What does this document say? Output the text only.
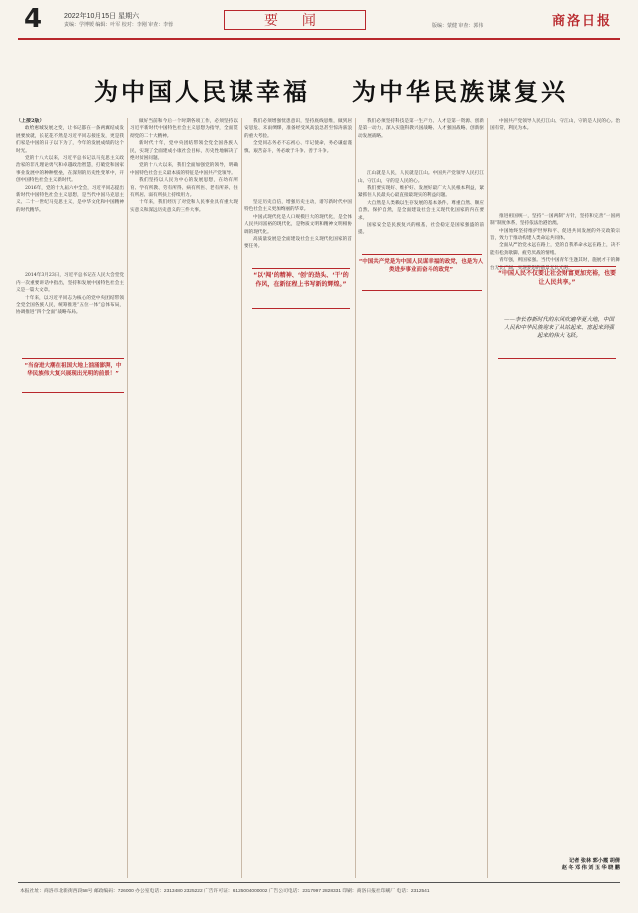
4	2022年10月15日 星期六
责编：学博媛 编辑：叶军 校对：李刚 审查：李蓉	要 闻	版编：蒙健 审查：郭伟	商洛日报
为中国人民谋幸福 为中华民族谋复兴

（上接2版）

敢给惠城发展之变，让书记都在一条两翼结成发展要放就，长花花不然是习近平同志接连发，更是我们家是中国的日子以下为了，今年的发展成绩的这个时光。

党的十八大以来，习近平总书记以马克思主义政治家的非凡理论勇气和卓越政治智慧，打破党和国家事业发展中的种种壁垒，在深刻的历史性变革中，开创中国特色社会主义新时代。

2016年，党的十九届六中全会，习近平同志提出新时代中国特色社会主义思想，是当代中国马克思主义、二十一世纪马克思主义，是中华文化和中国精神的时代精华。

2014年3月23日，习近平总书记在人民大会堂党内一次重要讲话中指出，坚持和发展中国特色社会主义是一篇大文章。

十年来，以习近平同志为核心的党中央团结带领全党全国各族人民，统筹推进“五位一体”总体布局，协调推进“四个全面”战略布局。

做好当前和今后一个时期各项工作，必须坚持以习近平新时代中国特色社会主义思想为指导，全面贯彻党的二十大精神。

新时代十年，党中央团结带领全党全国各族人民，实现了全面建成小康社会目标，历史性地解决了绝对贫困问题。

党的十八大以来，我们全面加强党的领导，明确中国特色社会主义最本质的特征是中国共产党领导。

我们坚持以人民为中心的发展思想，在幼有所育、学有所教、劳有所得、病有所医、老有所养、住有所居、弱有所扶上持续用力。

十年来，我们经历了对党和人民事业具有重大现实意义和深远历史意义的三件大事。

我们必须增强忧患意识，坚持底线思维，做到居安思危、未雨绸缪，准备经受风高浪急甚至惊涛骇浪的重大考验。

全党同志务必不忘初心、牢记使命，务必谦虚谨慎、艰苦奋斗，务必敢于斗争、善于斗争。

坚定历史自信，增强历史主动，谱写新时代中国特色社会主义更加绚丽的华章。

中国式现代化是人口规模巨大的现代化，是全体人民共同富裕的现代化，是物质文明和精神文明相协调的现代化。

高质量发展是全面建设社会主义现代化国家的首要任务。

我们必须坚持科技是第一生产力、人才是第一资源、创新是第一动力，深入实施科教兴国战略、人才强国战略、创新驱动发展战略。

江山就是人民，人民就是江山。中国共产党领导人民打江山、守江山，守的是人民的心。

我们要实现好、维护好、发展好最广大人民根本利益，紧紧抓住人民最关心最直接最现实的利益问题。

大自然是人类赖以生存发展的基本条件。尊重自然、顺应自然、保护自然，是全面建设社会主义现代化国家的内在要求。

国家安全是民族复兴的根基，社会稳定是国家强盛的前提。

中国共产党领导人民打江山、守江山，守的是人民的心。治国有常，利民为本。

推进祖国统一，坚持“一国两制”方针，坚持和完善“一国两制”制度体系，坚持依法治港治澳。

中国始终坚持维护世界和平、促进共同发展的外交政策宗旨，致力于推动构建人类命运共同体。

全面从严治党永远在路上，党的自我革命永远在路上，决不能有松劲歇脚、疲劳厌战的情绪。

青年强，则国家强。当代中国青年生逢其时，施展才干的舞台无比广阔，实现梦想的前景无比光明。

“当奋进大潮在祖国大地上汹涌澎湃，中华民族伟大复兴展现出光明的前景！”
“以‘闯’的精神、‘创’的劲头、‘干’的作风，在新征程上书写新的辉煌。”
“中国共产党是为中国人民谋幸福的政党，也是为人类进步事业而奋斗的政党”	“中国人民不仅要让社会财富更加充裕，也要让人民共享。”
——李长春新时代的东风吹遍华夏大地，中国人民和中华民族迎来了从站起来、富起来到强起来的伟大飞跃。
记者 张林 郭小霞 胡倩
赵 冬 邓 伟 刘 玉 华 晓 鹏
本报社址：商洛市北新街西段58号 邮政编码：726000 办公室电话：2313480 2325222 广告许可证：6125004000002 广告公司电话：2317997 2828331 印刷：商洛日报社印刷厂 电话：2312541
